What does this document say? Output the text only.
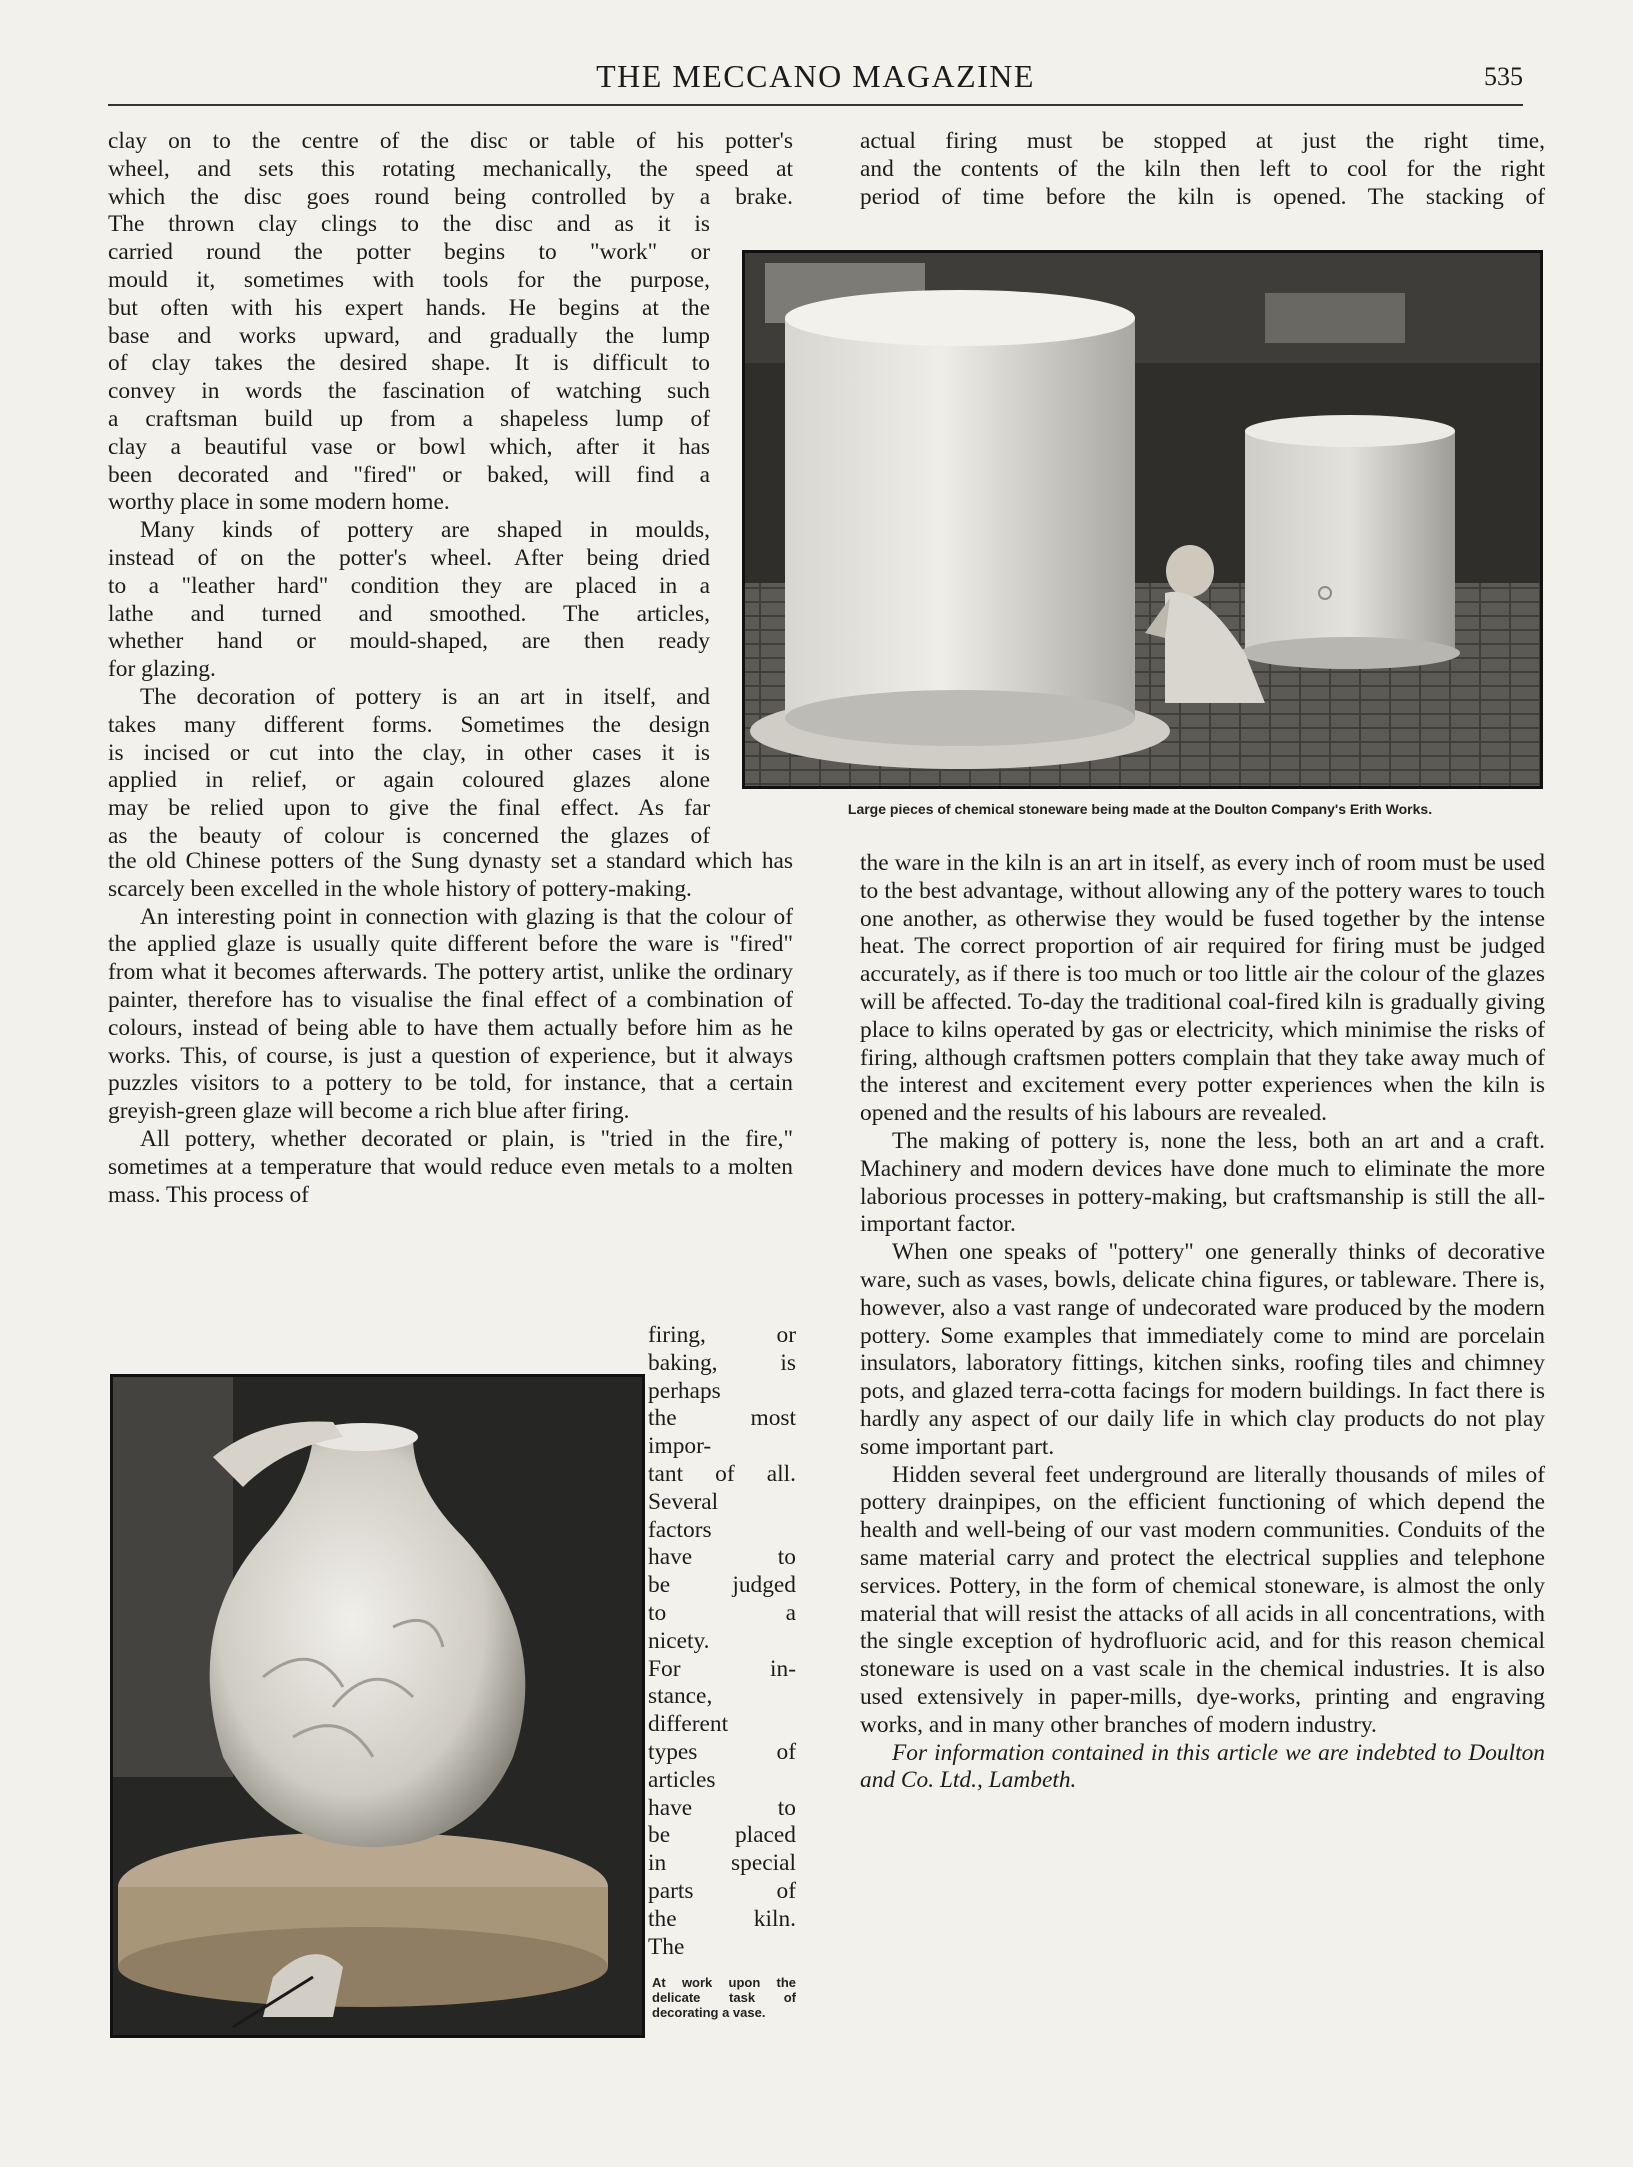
THE MECCANO MAGAZINE	535
clay on to the centre of the disc or table of his potter's
wheel, and sets this rotating mechanically, the speed at
which the disc goes round being controlled by a brake.
Large pieces of chemical stoneware being made at the Doulton Company's Erith Works.
The thrown clay clings to the disc and as it is
carried round the potter begins to "work" or
mould it, sometimes with tools for the purpose,
but often with his expert hands. He begins at the
base and works upward, and gradually the lump
of clay takes the desired shape. It is difficult to
convey in words the fascination of watching such
a craftsman build up from a shapeless lump of
clay a beautiful vase or bowl which, after it has
been decorated and "fired" or baked, will find a
worthy place in some modern home.
Many kinds of pottery are shaped in moulds,
instead of on the potter's wheel. After being dried
to a "leather hard" condition they are placed in a
lathe and turned and smoothed. The articles,
whether hand or mould-shaped, are then ready
for glazing.
The decoration of pottery is an art in itself, and
takes many different forms. Sometimes the design
is incised or cut into the clay, in other cases it is
applied in relief, or again coloured glazes alone
may be relied upon to give the final effect. As far
as the beauty of colour is concerned the glazes of

the old Chinese potters of the Sung dynasty set a standard which has scarcely been excelled in the whole history of pottery-making.

An interesting point in connection with glazing is that the colour of the applied glaze is usually quite different before the ware is "fired" from what it becomes afterwards. The pottery artist, unlike the ordinary painter, therefore has to visualise the final effect of a combination of colours, instead of being able to have them actually before him as he works. This, of course, is just a question of experience, but it always puzzles visitors to a pottery to be told, for instance, that a certain greyish-green glaze will become a rich blue after firing.

All pottery, whether decorated or plain, is "tried in the fire," sometimes at a temperature that would reduce even metals to a molten mass. This process of

firing, or
baking, is
perhaps
the most
impor-
tant of all.
Several
factors
have to
be judged
to a
nicety.
For in-
stance,
different
types of
articles
have to
be placed
in special
parts of
the kiln.
The
At work upon the delicate task of decorating a vase.
actual firing must be stopped at just the right time,
and the contents of the kiln then left to cool for the right
period of time before the kiln is opened. The stacking of

the ware in the kiln is an art in itself, as every inch of room must be used to the best advantage, without allowing any of the pottery wares to touch one another, as otherwise they would be fused together by the intense heat. The correct proportion of air required for firing must be judged accurately, as if there is too much or too little air the colour of the glazes will be affected. To-day the traditional coal-fired kiln is gradually giving place to kilns operated by gas or electricity, which minimise the risks of firing, although craftsmen potters complain that they take away much of the interest and excitement every potter experiences when the kiln is opened and the results of his labours are revealed.

The making of pottery is, none the less, both an art and a craft. Machinery and modern devices have done much to eliminate the more laborious processes in pottery-making, but craftsmanship is still the all-important factor.

When one speaks of "pottery" one generally thinks of decorative ware, such as vases, bowls, delicate china figures, or tableware. There is, however, also a vast range of undecorated ware produced by the modern pottery. Some examples that immediately come to mind are porcelain insulators, laboratory fittings, kitchen sinks, roofing tiles and chimney pots, and glazed terra-cotta facings for modern buildings. In fact there is hardly any aspect of our daily life in which clay products do not play some important part.

Hidden several feet underground are literally thousands of miles of pottery drainpipes, on the efficient functioning of which depend the health and well-being of our vast modern communities. Conduits of the same material carry and protect the electrical supplies and telephone services. Pottery, in the form of chemical stoneware, is almost the only material that will resist the attacks of all acids in all concentrations, with the single exception of hydrofluoric acid, and for this reason chemical stoneware is used on a vast scale in the chemical industries. It is also used extensively in paper-mills, dye-works, printing and engraving works, and in many other branches of modern industry.

For information contained in this article we are indebted to Doulton and Co. Ltd., Lambeth.
